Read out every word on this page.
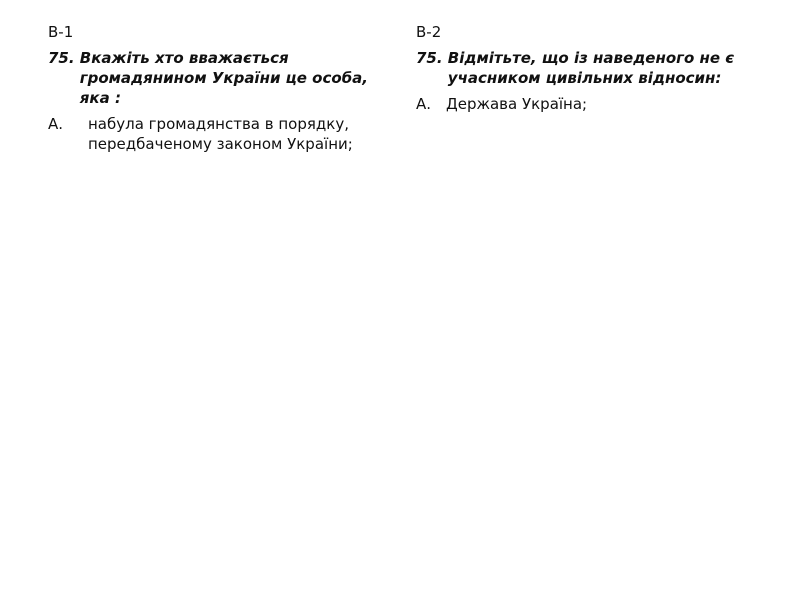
В-1
75. Вкажіть хто вважається громадянином України це особа, яка :
А.	набула громадянства в порядку, передбаченому законом України;
В-2
75. Відмітьте, що із наведеного не є учасником цивільних відносин:
А. Держава Україна;
